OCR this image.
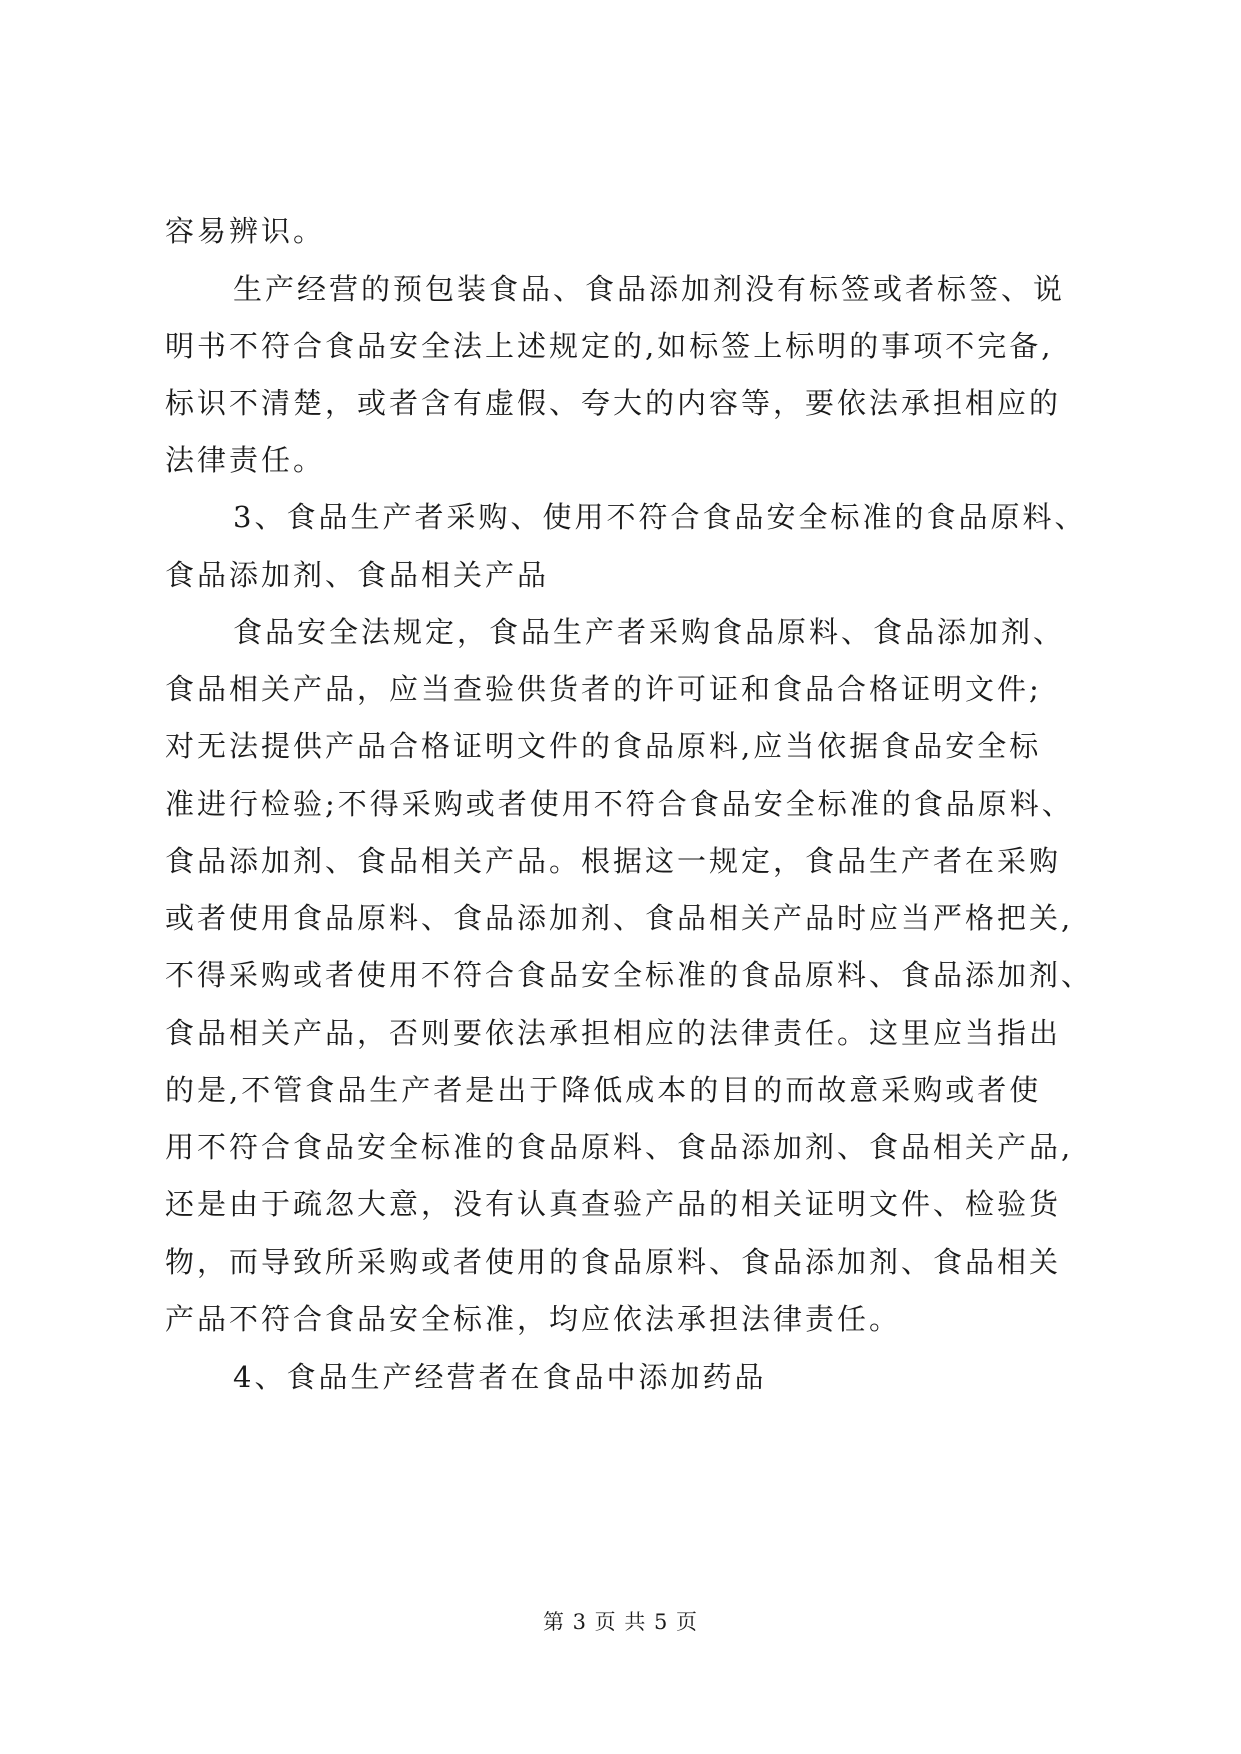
容易辨识。
生产经营的预包装食品、食品添加剂没有标签或者标签、说
明书不符合食品安全法上述规定的,如标签上标明的事项不完备,
标识不清楚，或者含有虚假、夸大的内容等，要依法承担相应的
法律责任。
3、食品生产者采购、使用不符合食品安全标准的食品原料、
食品添加剂、食品相关产品
食品安全法规定，食品生产者采购食品原料、食品添加剂、
食品相关产品，应当查验供货者的许可证和食品合格证明文件;
对无法提供产品合格证明文件的食品原料,应当依据食品安全标
准进行检验;不得采购或者使用不符合食品安全标准的食品原料、
食品添加剂、食品相关产品。根据这一规定，食品生产者在采购
或者使用食品原料、食品添加剂、食品相关产品时应当严格把关,
不得采购或者使用不符合食品安全标准的食品原料、食品添加剂、
食品相关产品，否则要依法承担相应的法律责任。这里应当指出
的是,不管食品生产者是出于降低成本的目的而故意采购或者使
用不符合食品安全标准的食品原料、食品添加剂、食品相关产品,
还是由于疏忽大意，没有认真查验产品的相关证明文件、检验货
物，而导致所采购或者使用的食品原料、食品添加剂、食品相关
产品不符合食品安全标准，均应依法承担法律责任。
4、食品生产经营者在食品中添加药品
第 3 页 共 5 页
